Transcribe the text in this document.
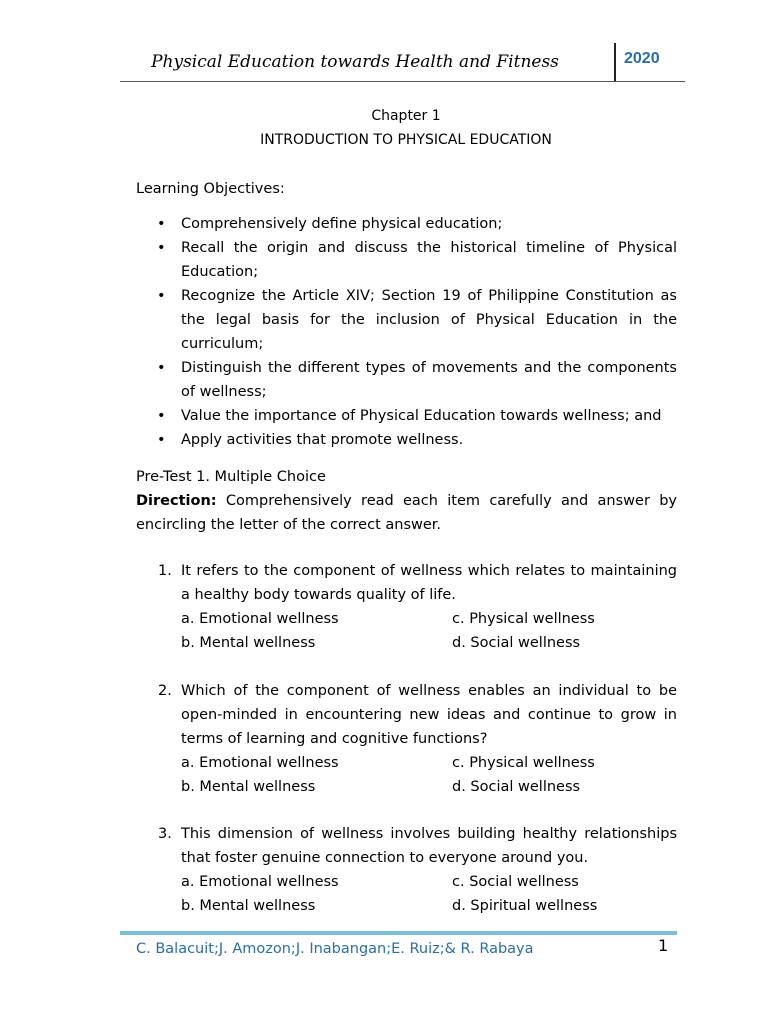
Physical Education towards Health and Fitness	2020
Chapter 1
INTRODUCTION TO PHYSICAL EDUCATION
Learning Objectives:
• Comprehensively define physical education;
• Recall the origin and discuss the historical timeline of Physical Education;
• Recognize the Article XIV; Section 19 of Philippine Constitution as the legal basis for the inclusion of Physical Education in the curriculum;
• Distinguish the different types of movements and the components of wellness;
• Value the importance of Physical Education towards wellness; and
• Apply activities that promote wellness.
Pre-Test 1. Multiple Choice
Direction: Comprehensively read each item carefully and answer by encircling the letter of the correct answer.
1. It refers to the component of wellness which relates to maintaining a healthy body towards quality of life.
a. Emotional wellness
b. Mental wellness
c. Physical wellness
d. Social wellness
2. Which of the component of wellness enables an individual to be open-minded in encountering new ideas and continue to grow in terms of learning and cognitive functions?
a. Emotional wellness
b. Mental wellness
c. Physical wellness
d. Social wellness
3. This dimension of wellness involves building healthy relationships that foster genuine connection to everyone around you.
a. Emotional wellness
b. Mental wellness
c. Social wellness
d. Spiritual wellness
C. Balacuit;J. Amozon;J. Inabangan;E. Ruiz;& R. Rabaya	1
